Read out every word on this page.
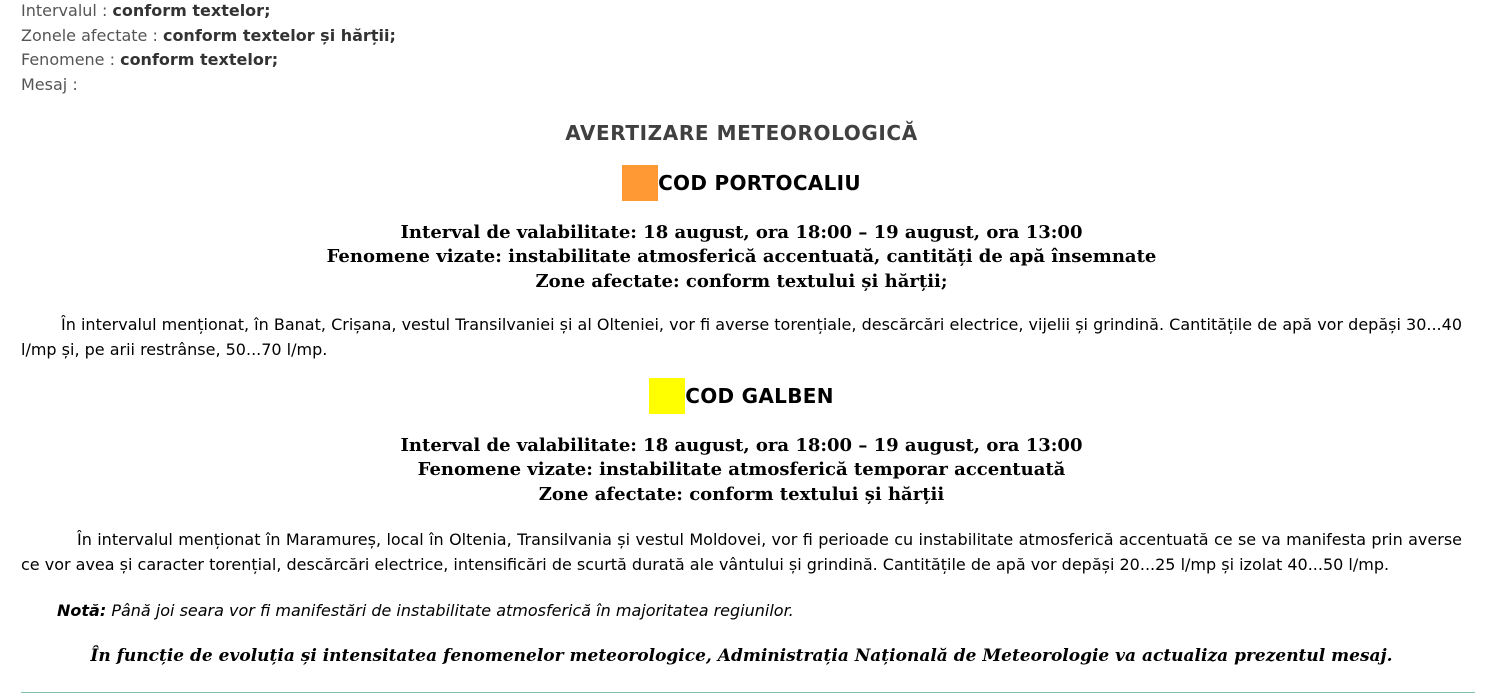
Intervalul : conform textelor;
Zonele afectate : conform textelor și hărții;
Fenomene : conform textelor;
Mesaj :
AVERTIZARE METEOROLOGICĂ
COD PORTOCALIU
Interval de valabilitate: 18 august, ora 18:00 – 19 august, ora 13:00
Fenomene vizate: instabilitate atmosferică accentuată, cantități de apă însemnate
Zone afectate: conform textului și hărții;
În intervalul menționat, în Banat, Crișana, vestul Transilvaniei și al Olteniei, vor fi averse torențiale, descărcări electrice, vijelii și grindină. Cantitățile de apă vor depăși 30...40 l/mp și, pe arii restrânse, 50...70 l/mp.
COD GALBEN
Interval de valabilitate: 18 august, ora 18:00 – 19 august, ora 13:00
Fenomene vizate: instabilitate atmosferică temporar accentuată
Zone afectate: conform textului și hărții
În intervalul menționat în Maramureș, local în Oltenia, Transilvania și vestul Moldovei, vor fi perioade cu instabilitate atmosferică accentuată ce se va manifesta prin averse ce vor avea și caracter torențial, descărcări electrice, intensificări de scurtă durată ale vântului și grindină. Cantitățile de apă vor depăși 20...25 l/mp și izolat 40...50 l/mp.
Notă: Până joi seara vor fi manifestări de instabilitate atmosferică în majoritatea regiunilor.
În funcție de evoluția și intensitatea fenomenelor meteorologice, Administrația Națională de Meteorologie va actualiza prezentul mesaj.
